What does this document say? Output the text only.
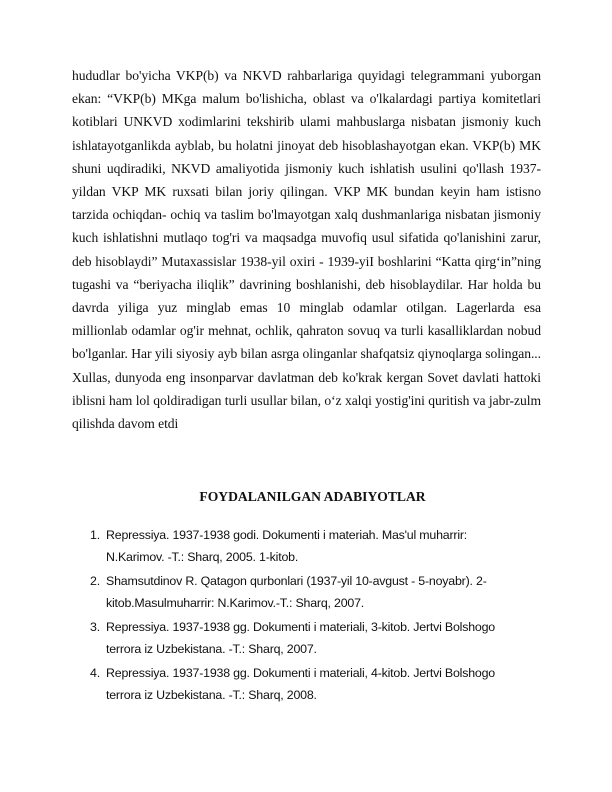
hududlar bo'yicha VKP(b) va NKVD rahbarlariga quyidagi telegrammani yuborgan ekan: “VKP(b) MKga malum bo'lishicha, oblast va o'lkalardagi partiya komitetlari kotiblari UNKVD xodimlarini tekshirib ulami mahbuslarga nisbatan jismoniy kuch ishlatayotganlikda ayblab, bu holatni jinoyat deb hisoblashayotgan ekan. VKP(b) MK shuni uqdiradiki, NKVD amaliyotida jismoniy kuch ishlatish usulini qo'llash 1937-yildan VKP MK ruxsati bilan joriy qilingan. VKP MK bundan keyin ham istisno tarzida ochiqdan- ochiq va taslim bo'lmayotgan xalq dushmanlariga nisbatan jismoniy kuch ishlatishni mutlaqo tog'ri va maqsadga muvofiq usul sifatida qo'lanishini zarur, deb hisoblaydi” Mutaxassislar 1938-yil oxiri - 1939-yiI boshlarini “Katta qirg‘in”ning tugashi va “beriyacha iliqlik” davrining boshlanishi, deb hisoblaydilar. Har holda bu davrda yiliga yuz minglab emas 10 minglab odamlar otilgan. Lagerlarda esa millionlab odamlar og'ir mehnat, ochlik, qahraton sovuq va turli kasalliklardan nobud bo'lganlar. Har yili siyosiy ayb bilan asrga olinganlar shafqatsiz qiynoqlarga solingan... Xullas, dunyoda eng insonparvar davlatman deb ko'krak kergan Sovet davlati hattoki iblisni ham lol qoldiradigan turli usullar bilan, o‘z xalqi yostig'ini quritish va jabr-zulm qilishda davom etdi

FOYDALANILGAN ADABIYOTLAR
1. Repressiya. 1937-1938 godi. Dokumenti i materiah. Mas'ul muharrir: N.Karimov. -T.: Sharq, 2005. 1-kitob.
2. Shamsutdinov R. Qatagon qurbonlari (1937-yil 10-avgust - 5-noyabr). 2-kitob.Masulmuharrir: N.Karimov.-T.: Sharq, 2007.
3. Repressiya. 1937-1938 gg. Dokumenti i materiali, 3-kitob. Jertvi Bolshogo terrora iz Uzbekistana. -T.: Sharq, 2007.
4. Repressiya. 1937-1938 gg. Dokumenti i materiali, 4-kitob. Jertvi Bolshogo terrora iz Uzbekistana. -T.: Sharq, 2008.
